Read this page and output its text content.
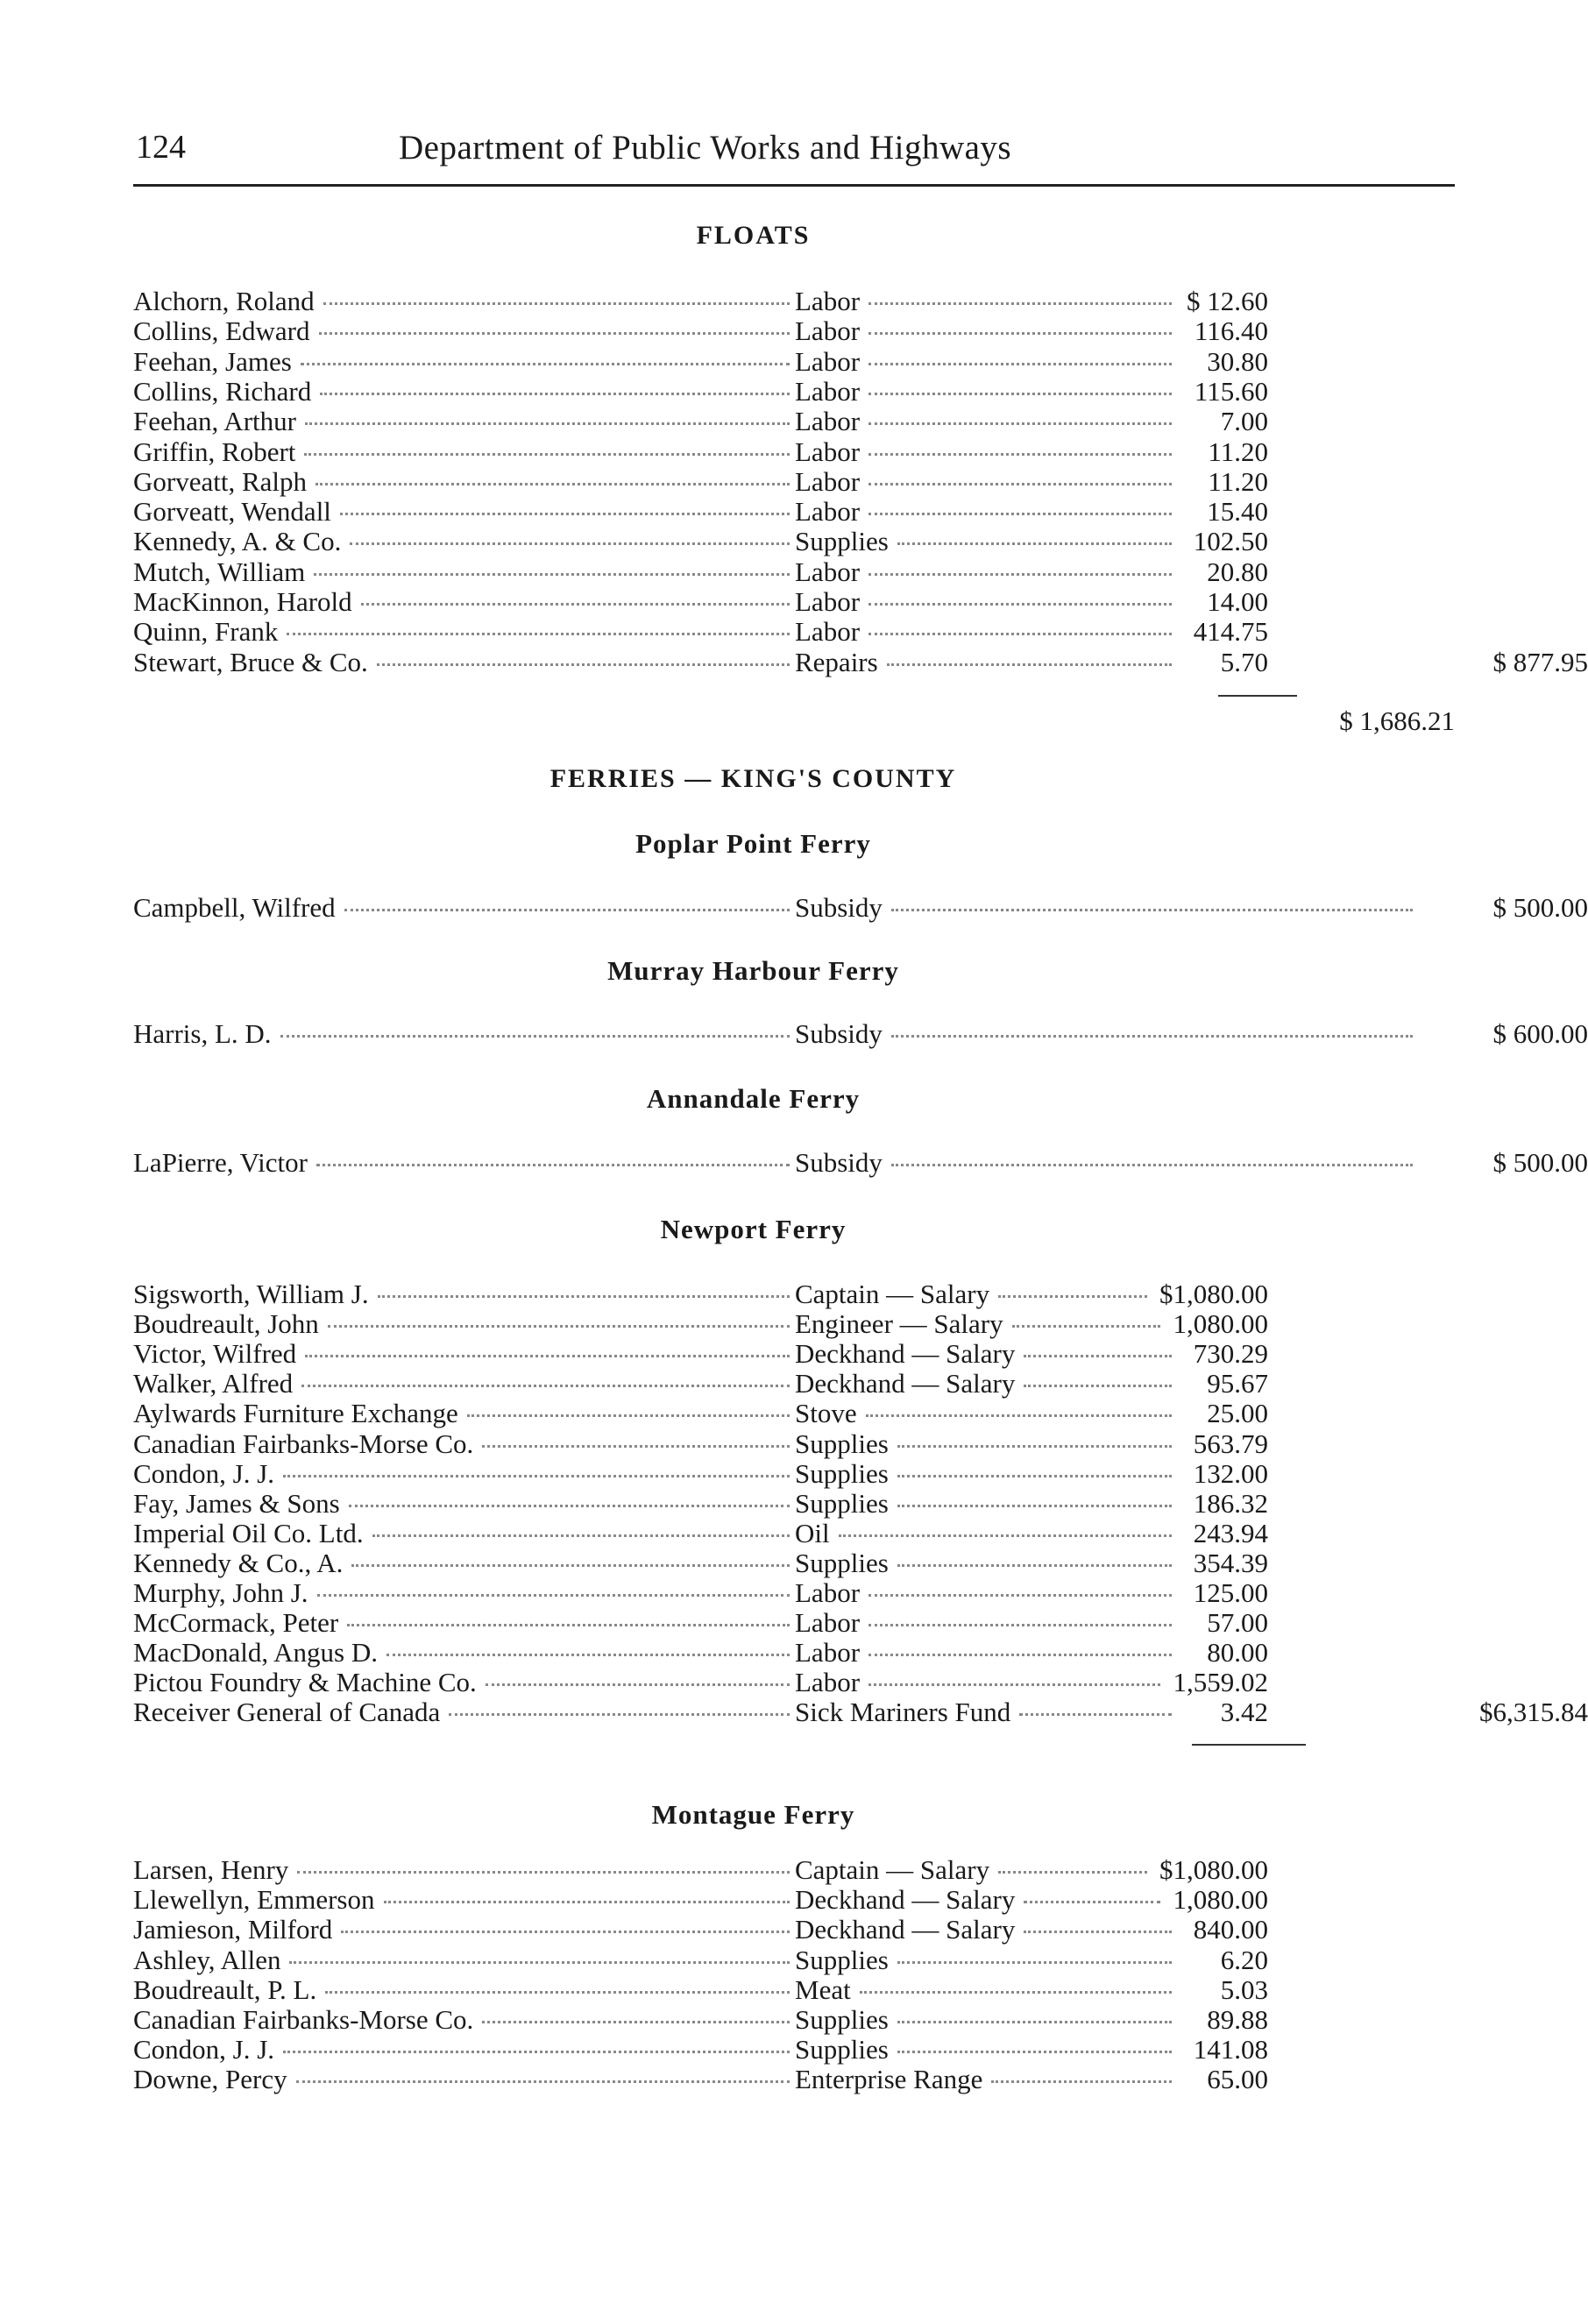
124	Department of Public Works and Highways
FLOATS
Alchorn, Roland	Labor	$ 12.60
Collins, Edward	Labor	116.40
Feehan, James	Labor	30.80
Collins, Richard	Labor	115.60
Feehan, Arthur	Labor	7.00
Griffin, Robert	Labor	11.20
Gorveatt, Ralph	Labor	11.20
Gorveatt, Wendall	Labor	15.40
Kennedy, A. & Co.	Supplies	102.50
Mutch, William	Labor	20.80
MacKinnon, Harold	Labor	14.00
Quinn, Frank	Labor	414.75
Stewart, Bruce & Co.	Repairs	5.70	$ 877.95
$ 1,686.21
FERRIES — KING'S COUNTY
Poplar Point Ferry
Campbell, Wilfred	Subsidy	$ 500.00
Murray Harbour Ferry
Harris, L. D.	Subsidy	$ 600.00
Annandale Ferry
LaPierre, Victor	Subsidy	$ 500.00
Newport Ferry
Sigsworth, William J.	Captain — Salary	$1,080.00
Boudreault, John	Engineer — Salary	1,080.00
Victor, Wilfred	Deckhand — Salary	730.29
Walker, Alfred	Deckhand — Salary	95.67
Aylwards Furniture Exchange	Stove	25.00
Canadian Fairbanks-Morse Co.	Supplies	563.79
Condon, J. J.	Supplies	132.00
Fay, James & Sons	Supplies	186.32
Imperial Oil Co. Ltd.	Oil	243.94
Kennedy & Co., A.	Supplies	354.39
Murphy, John J.	Labor	125.00
McCormack, Peter	Labor	57.00
MacDonald, Angus D.	Labor	80.00
Pictou Foundry & Machine Co.	Labor	1,559.02
Receiver General of Canada	Sick Mariners Fund	3.42	$6,315.84
Montague Ferry
Larsen, Henry	Captain — Salary	$1,080.00
Llewellyn, Emmerson	Deckhand — Salary	1,080.00
Jamieson, Milford	Deckhand — Salary	840.00
Ashley, Allen	Supplies	6.20
Boudreault, P. L.	Meat	5.03
Canadian Fairbanks-Morse Co.	Supplies	89.88
Condon, J. J.	Supplies	141.08
Downe, Percy	Enterprise Range	65.00
